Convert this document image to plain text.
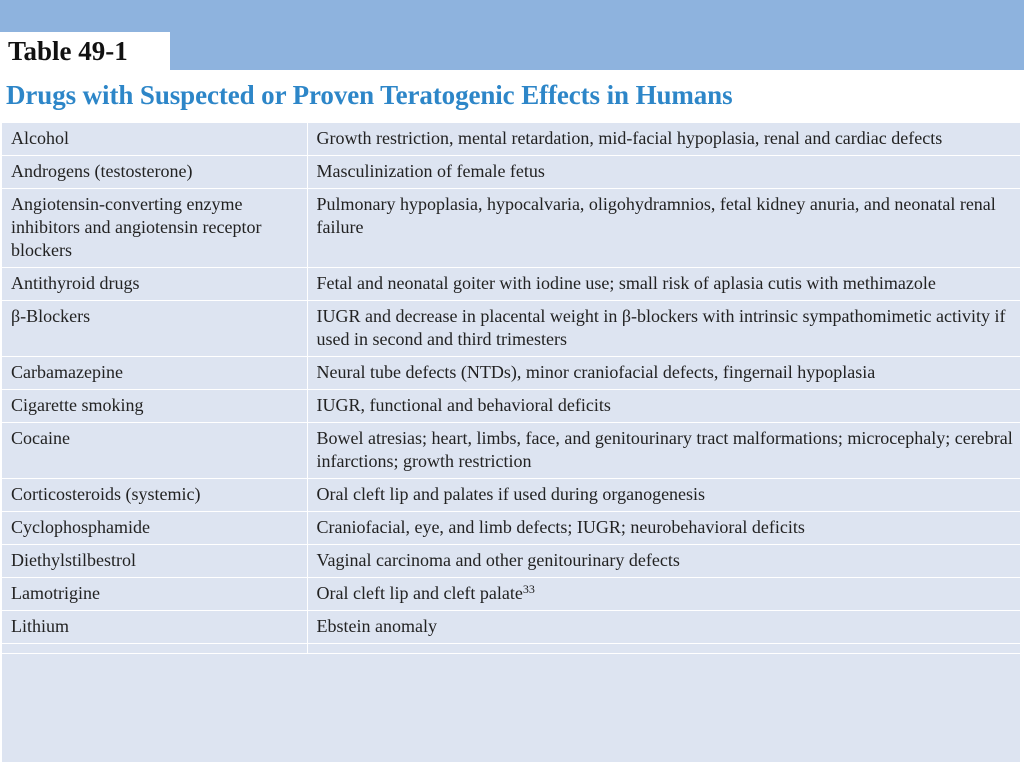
Table 49-1
Drugs with Suspected or Proven Teratogenic Effects in Humans
Alcohol	Growth restriction, mental retardation, mid-facial hypoplasia, renal and cardiac defects
Androgens (testosterone)	Masculinization of female fetus
Angiotensin-converting enzyme inhibitors and angiotensin receptor blockers	Pulmonary hypoplasia, hypocalvaria, oligohydramnios, fetal kidney anuria, and neonatal renal failure
Antithyroid drugs	Fetal and neonatal goiter with iodine use; small risk of aplasia cutis with methimazole
β-Blockers	IUGR and decrease in placental weight in β-blockers with intrinsic sympathomimetic activity if used in second and third trimesters
Carbamazepine	Neural tube defects (NTDs), minor craniofacial defects, fingernail hypoplasia
Cigarette smoking	IUGR, functional and behavioral deficits
Cocaine	Bowel atresias; heart, limbs, face, and genitourinary tract malformations; microcephaly; cerebral infarctions; growth restriction
Corticosteroids (systemic)	Oral cleft lip and palates if used during organogenesis
Cyclophosphamide	Craniofacial, eye, and limb defects; IUGR; neurobehavioral deficits
Diethylstilbestrol	Vaginal carcinoma and other genitourinary defects
Lamotrigine	Oral cleft lip and cleft palate$^{33}$
Lithium	Ebstein anomaly
